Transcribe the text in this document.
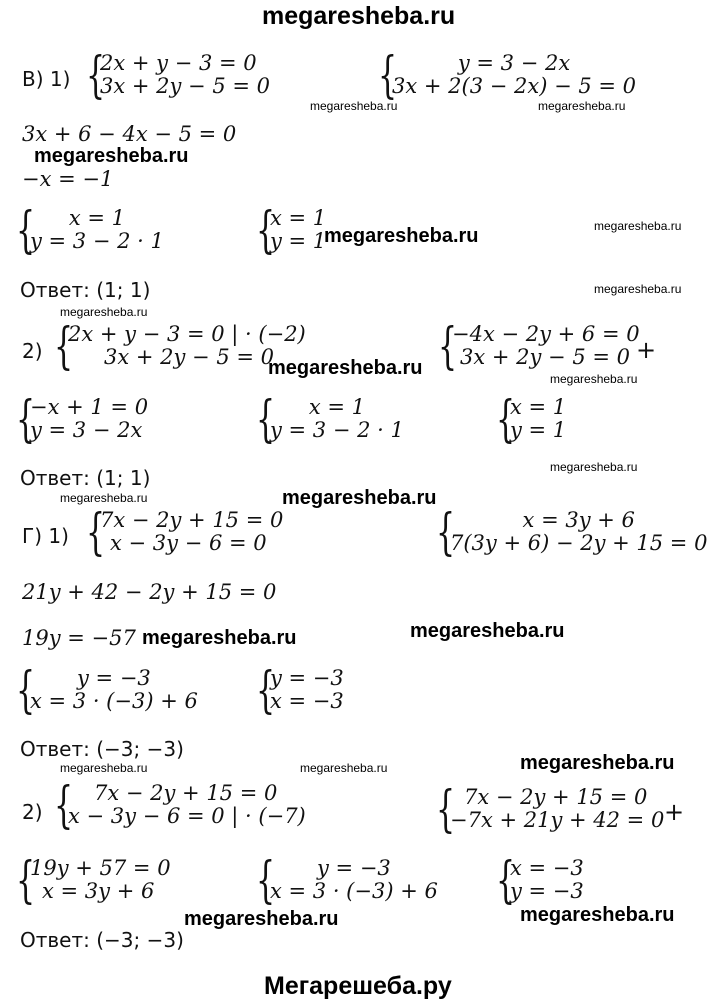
megaresheba.ru
В) 1) {
2x + y − 3 = 0
3x + 2y − 5 = 0 {	y = 3 − 2x
3x + 2(3 − 2x) − 5 = 0
megaresheba.ru	megaresheba.ru
3x + 6 − 4x − 5 = 0
megaresheba.ru
−x = −1
{	x = 1
y = 3 − 2 · 1 {
x = 1
y = 1
megaresheba.ru	megaresheba.ru
Ответ: (1; 1)	megaresheba.ru
megaresheba.ru
2) {
2x + y − 3 = 0 | · (−2)
3x + 2y − 5 = 0
megaresheba.ru {
−4x − 2y + 6 = 0
3x + 2y − 5 = 0 +
megaresheba.ru
{
−x + 1 = 0
y = 3 − 2x {	x = 1
y = 3 − 2 · 1 {
x = 1
y = 1
megaresheba.ru
Ответ: (1; 1)
megaresheba.ru	megaresheba.ru
Г) 1) {
7x − 2y + 15 = 0
x − 3y − 6 = 0	{	x = 3y + 6
7(3y + 6) − 2y + 15 = 0
21y + 42 − 2y + 15 = 0
19y = −57 megaresheba.ru	megaresheba.ru
{	y = −3
x = 3 · (−3) + 6 {
y = −3
x = −3
Ответ: (−3; −3)
megaresheba.ru	megaresheba.ru	megaresheba.ru
2) { 7x − 2y + 15 = 0
x − 3y − 6 = 0 | · (−7)	{ 7x − 2y + 15 = 0
−7x + 21y + 42 = 0 +
{
19y + 57 = 0
x = 3y + 6	{	y = −3
x = 3 · (−3) + 6 {
x = −3
y = −3
megaresheba.ru	megaresheba.ru
Ответ: (−3; −3)
Мегарешеба.ру
